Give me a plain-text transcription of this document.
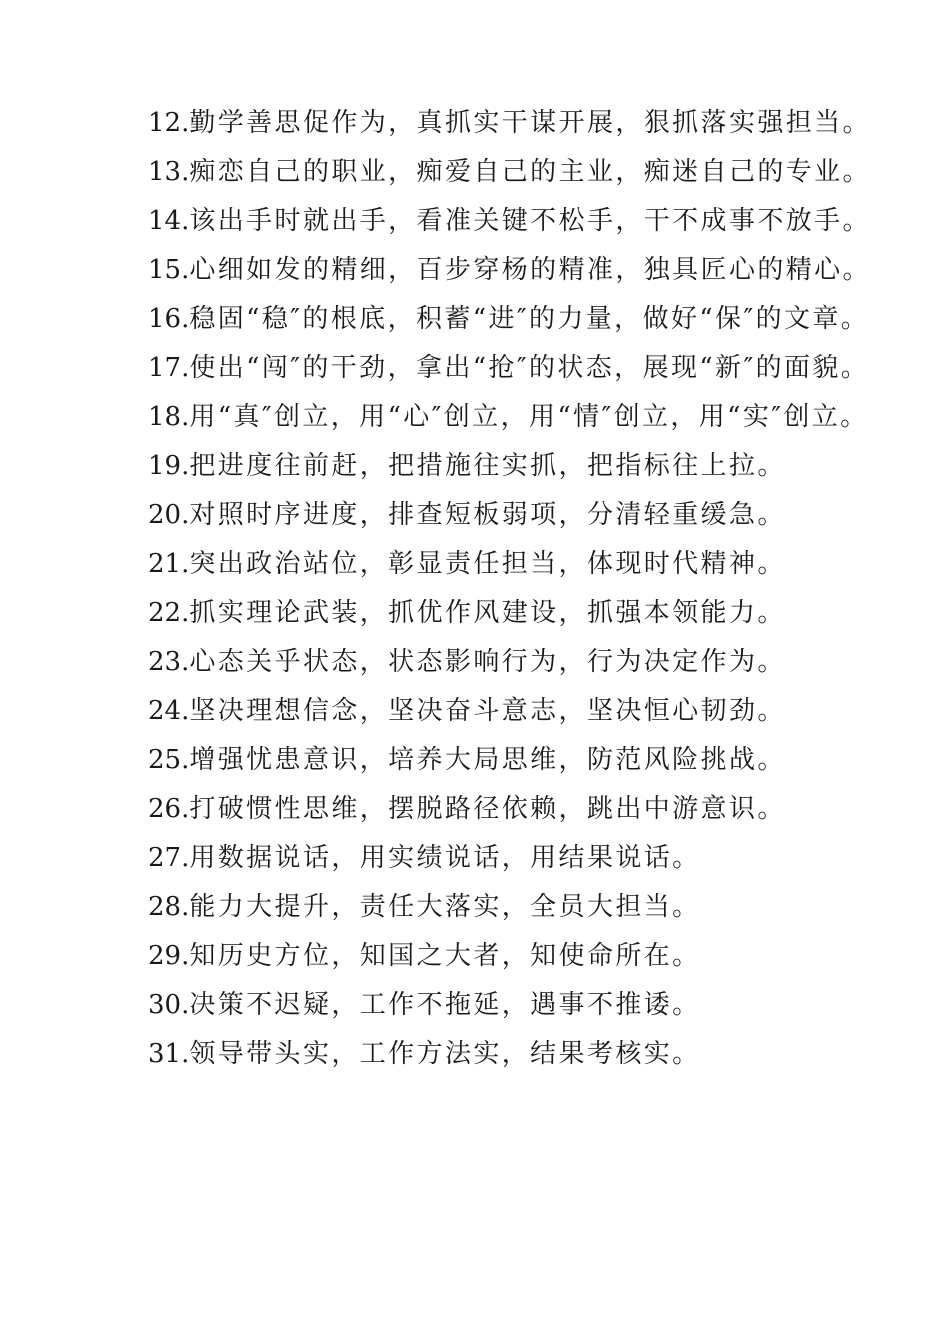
12.勤学善思促作为，真抓实干谋开展，狠抓落实强担当。

13.痴恋自己的职业，痴爱自己的主业，痴迷自己的专业。

14.该出手时就出手，看准关键不松手，干不成事不放手。

15.心细如发的精细，百步穿杨的精准，独具匠心的精心。

16.稳固“稳″的根底，积蓄“进″的力量，做好“保″的文章。

17.使出“闯″的干劲，拿出“抢″的状态，展现“新″的面貌。

18.用“真″创立，用“心″创立，用“情″创立，用“实″创立。

19.把进度往前赶，把措施往实抓，把指标往上拉。

20.对照时序进度，排查短板弱项，分清轻重缓急。

21.突出政治站位，彰显责任担当，体现时代精神。

22.抓实理论武装，抓优作风建设，抓强本领能力。

23.心态关乎状态，状态影响行为，行为决定作为。

24.坚决理想信念，坚决奋斗意志，坚决恒心韧劲。

25.增强忧患意识，培养大局思维，防范风险挑战。

26.打破惯性思维，摆脱路径依赖，跳出中游意识。

27.用数据说话，用实绩说话，用结果说话。

28.能力大提升，责任大落实，全员大担当。

29.知历史方位，知国之大者，知使命所在。

30.决策不迟疑，工作不拖延，遇事不推诿。

31.领导带头实，工作方法实，结果考核实。
